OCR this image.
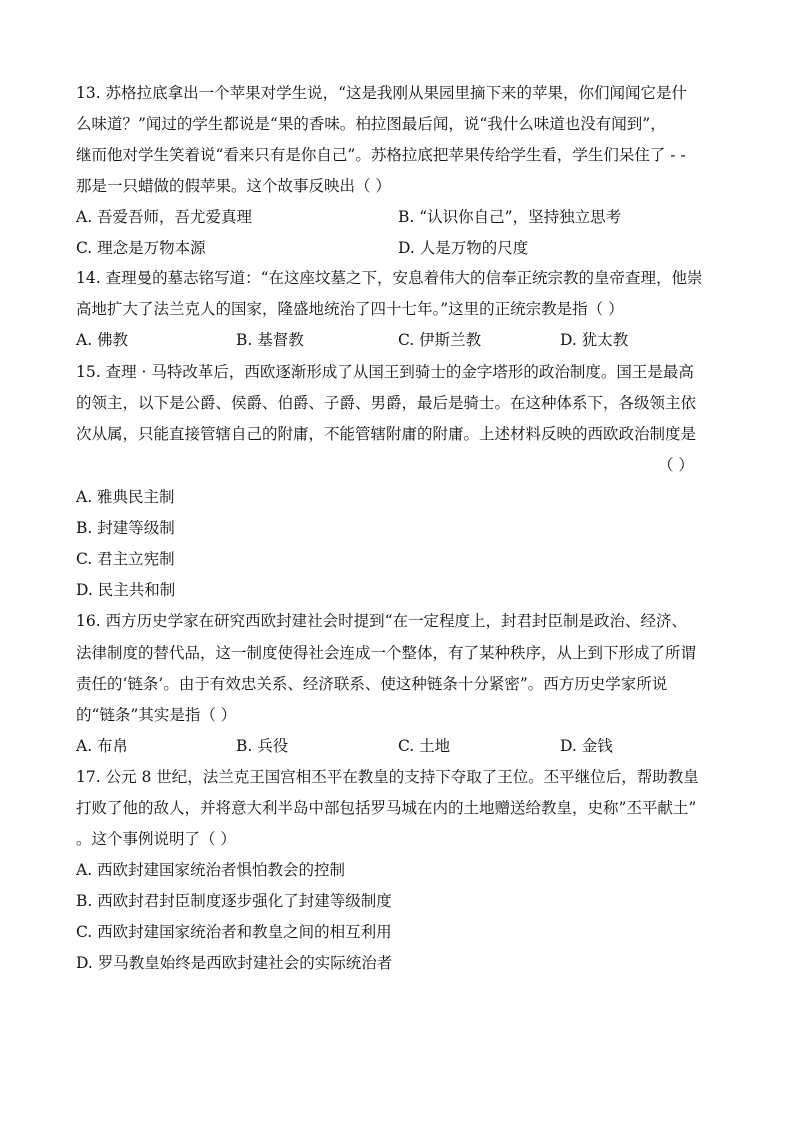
13. 苏格拉底拿出一个苹果对学生说，“这是我刚从果园里摘下来的苹果，你们闻闻它是什
么味道？”闻过的学生都说是“果的香味。柏拉图最后闻，说“我什么味道也没有闻到”，
继而他对学生笑着说“看来只有是你自己”。苏格拉底把苹果传给学生看，学生们呆住了 - -
那是一只蜡做的假苹果。这个故事反映出（ ）
A. 吾爱吾师，吾尤爱真理	B. “认识你自己”，坚持独立思考
C. 理念是万物本源	D. 人是万物的尺度
14. 查理曼的墓志铭写道：“在这座坟墓之下，安息着伟大的信奉正统宗教的皇帝查理，他崇
高地扩大了法兰克人的国家，隆盛地统治了四十七年。”这里的正统宗教是指（ ）
A. 佛教	B. 基督教	C. 伊斯兰教	D. 犹太教
15. 查理 · 马特改革后，西欧逐渐形成了从国王到骑士的金字塔形的政治制度。国王是最高
的领主，以下是公爵、侯爵、伯爵、子爵、男爵，最后是骑士。在这种体系下，各级领主依
次从属，只能直接管辖自己的附庸，不能管辖附庸的附庸。上述材料反映的西欧政治制度是
（ ）
A. 雅典民主制
B. 封建等级制
C. 君主立宪制
D. 民主共和制
16. 西方历史学家在研究西欧封建社会时提到“在一定程度上，封君封臣制是政治、经济、
法律制度的替代品，这一制度使得社会连成一个整体，有了某种秩序，从上到下形成了所谓
责任的‘链条’。由于有效忠关系、经济联系、使这种链条十分紧密”。西方历史学家所说
的“链条”其实是指（ ）
A. 布帛	B. 兵役	C. 土地	D. 金钱
17. 公元 8 世纪，法兰克王国宫相丕平在教皇的支持下夺取了王位。丕平继位后，帮助教皇
打败了他的敌人，并将意大利半岛中部包括罗马城在内的土地赠送给教皇，史称”丕平献土”
。这个事例说明了（ ）
A. 西欧封建国家统治者惧怕教会的控制
B. 西欧封君封臣制度逐步强化了封建等级制度
C. 西欧封建国家统治者和教皇之间的相互利用
D. 罗马教皇始终是西欧封建社会的实际统治者
